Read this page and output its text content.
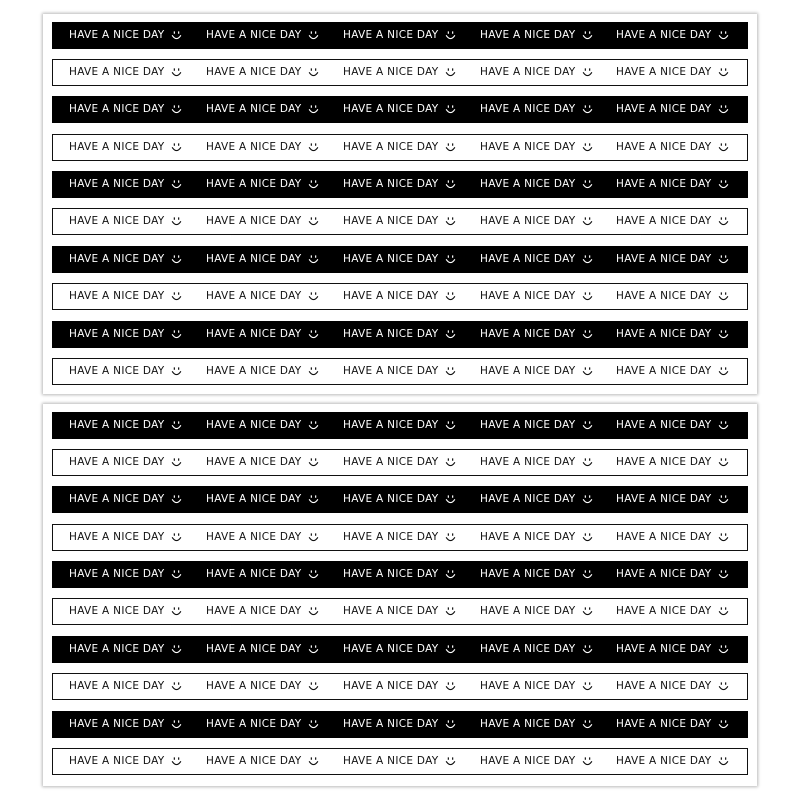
HAVE A NICE DAY	HAVE A NICE DAY	HAVE A NICE DAY	HAVE A NICE DAY	HAVE A NICE DAY
HAVE A NICE DAY	HAVE A NICE DAY	HAVE A NICE DAY	HAVE A NICE DAY	HAVE A NICE DAY
HAVE A NICE DAY	HAVE A NICE DAY	HAVE A NICE DAY	HAVE A NICE DAY	HAVE A NICE DAY
HAVE A NICE DAY	HAVE A NICE DAY	HAVE A NICE DAY	HAVE A NICE DAY	HAVE A NICE DAY
HAVE A NICE DAY	HAVE A NICE DAY	HAVE A NICE DAY	HAVE A NICE DAY	HAVE A NICE DAY
HAVE A NICE DAY	HAVE A NICE DAY	HAVE A NICE DAY	HAVE A NICE DAY	HAVE A NICE DAY
HAVE A NICE DAY	HAVE A NICE DAY	HAVE A NICE DAY	HAVE A NICE DAY	HAVE A NICE DAY
HAVE A NICE DAY	HAVE A NICE DAY	HAVE A NICE DAY	HAVE A NICE DAY	HAVE A NICE DAY
HAVE A NICE DAY	HAVE A NICE DAY	HAVE A NICE DAY	HAVE A NICE DAY	HAVE A NICE DAY
HAVE A NICE DAY	HAVE A NICE DAY	HAVE A NICE DAY	HAVE A NICE DAY	HAVE A NICE DAY
HAVE A NICE DAY	HAVE A NICE DAY	HAVE A NICE DAY	HAVE A NICE DAY	HAVE A NICE DAY
HAVE A NICE DAY	HAVE A NICE DAY	HAVE A NICE DAY	HAVE A NICE DAY	HAVE A NICE DAY
HAVE A NICE DAY	HAVE A NICE DAY	HAVE A NICE DAY	HAVE A NICE DAY	HAVE A NICE DAY
HAVE A NICE DAY	HAVE A NICE DAY	HAVE A NICE DAY	HAVE A NICE DAY	HAVE A NICE DAY
HAVE A NICE DAY	HAVE A NICE DAY	HAVE A NICE DAY	HAVE A NICE DAY	HAVE A NICE DAY
HAVE A NICE DAY	HAVE A NICE DAY	HAVE A NICE DAY	HAVE A NICE DAY	HAVE A NICE DAY
HAVE A NICE DAY	HAVE A NICE DAY	HAVE A NICE DAY	HAVE A NICE DAY	HAVE A NICE DAY
HAVE A NICE DAY	HAVE A NICE DAY	HAVE A NICE DAY	HAVE A NICE DAY	HAVE A NICE DAY
HAVE A NICE DAY	HAVE A NICE DAY	HAVE A NICE DAY	HAVE A NICE DAY	HAVE A NICE DAY
HAVE A NICE DAY	HAVE A NICE DAY	HAVE A NICE DAY	HAVE A NICE DAY	HAVE A NICE DAY
